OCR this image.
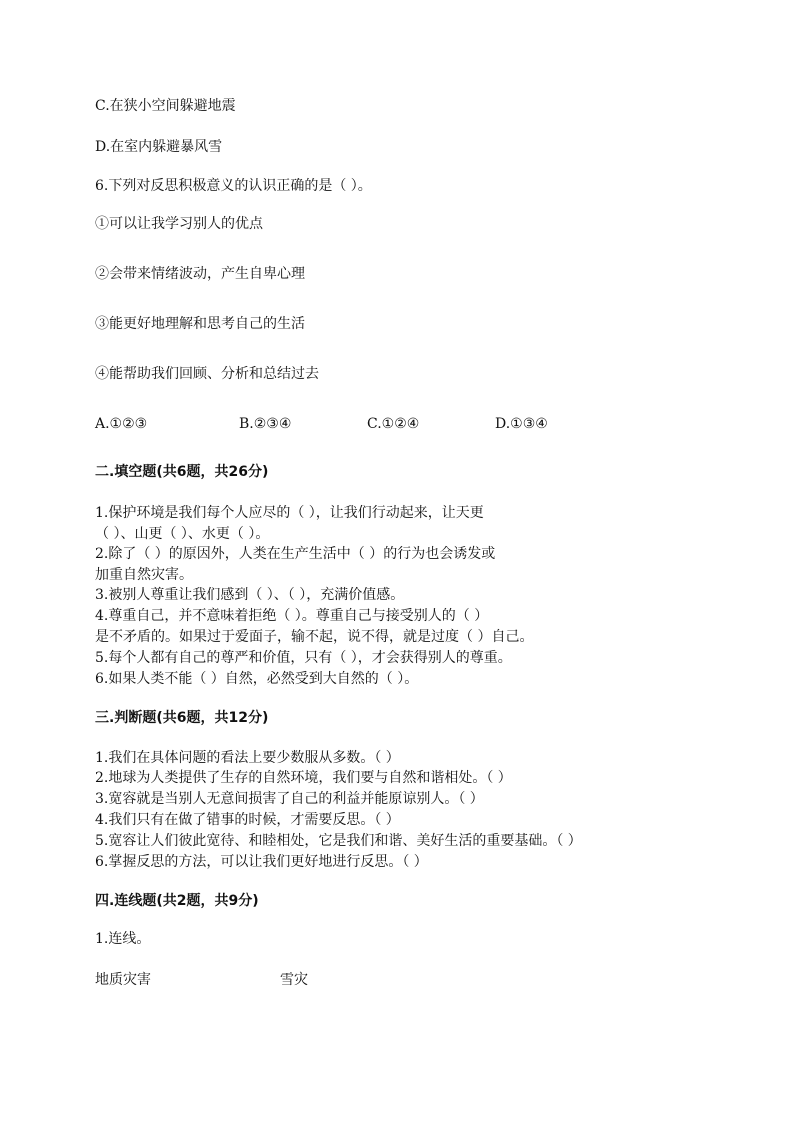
C.在狭小空间躲避地震
D.在室内躲避暴风雪
6.下列对反思积极意义的认识正确的是（ ）。
①可以让我学习别人的优点
②会带来情绪波动，产生自卑心理
③能更好地理解和思考自己的生活
④能帮助我们回顾、分析和总结过去
A.①②③	B.②③④	C.①②④	D.①③④
二.填空题(共6题，共26分)
1.保护环境是我们每个人应尽的（ ），让我们行动起来，让天更
（ ）、山更（ ）、水更（ ）。
2.除了（ ）的原因外，人类在生产生活中（ ）的行为也会诱发或
加重自然灾害。
3.被别人尊重让我们感到（ ）、（ ），充满价值感。
4.尊重自己，并不意味着拒绝（ ）。尊重自己与接受别人的（ ）
是不矛盾的。如果过于爱面子，输不起，说不得，就是过度（ ）自己。
5.每个人都有自己的尊严和价值，只有（ ），才会获得别人的尊重。
6.如果人类不能（ ）自然，必然受到大自然的（ ）。
三.判断题(共6题，共12分)
1.我们在具体问题的看法上要少数服从多数。（ ）
2.地球为人类提供了生存的自然环境，我们要与自然和谐相处。（ ）
3.宽容就是当别人无意间损害了自己的利益并能原谅别人。（ ）
4.我们只有在做了错事的时候，才需要反思。（ ）
5.宽容让人们彼此宽待、和睦相处，它是我们和谐、美好生活的重要基础。（ ）
6.掌握反思的方法，可以让我们更好地进行反思。（ ）
四.连线题(共2题，共9分)
1.连线。
地质灾害	雪灾
